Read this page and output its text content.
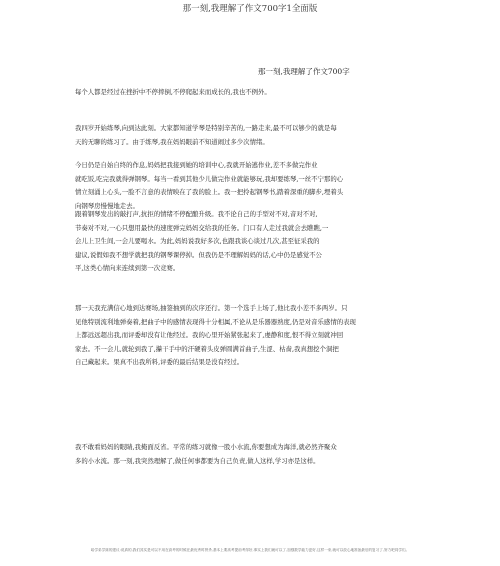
那一刻,我理解了作文700字1全面版
那一刻,我理解了作文700字
每个人都是经过在挫折中不停摔倒,不停爬起来而成长的,我也不例外。
我四岁开始练琴,向到达此刻。大家都知道学琴是特别辛苦的,一路走来,最不可以够少的就是每
天的无聊的练习了。由于练琴,我在妈妈眼前不知道闹过多少次情绪。
今日仍是自始自终的作息,妈妈把我接到她的培训中心,我就开始逃作业,差不多做完作业
就吃饭,吃完我就得弹钢琴。每当一看到其他少儿做完作业就能够玩,我却要练琴,一丝不宁那的心
情立刻涌上心头,一脸不言意的表情映在了我的脸上。我一把拎起钢琴书,踏着深重的脚步,埋着头
向钢琴房慢慢地走去。
跟着钢琴发出的敲打声,抗拒的情绪不停配酿升级。我不论自己的手型对不对,音对不对,
节奏对不对,一心只想用最快的速度弹完妈妈交给我的任务。门口有人走过我就会去瞧瞧,一
会儿上卫生间,一会儿要喝水。为此,妈妈说我好多次,也跟我谈心谈过几次,甚至征采我的
建议,说假如我不想学就把我的钢琴课停掉。但我仍是不理解妈妈的话,心中仍是感觉不公
平,这类心情向来连续到第一次竞赛。
那一天我充满信心地到达赛场,抽签抽到的次序还行。第一个选手上场了,他比我小差不多两岁。只
见他特别流利地弹奏着,把曲子中的感情表现得十分相属,不论从是乐器器熟度,仍是对音乐感情的表现
上都远远超出我,而评委却没有让他经过。我的心里开始紧张起来了,虔静和度,恨不得立刻就冲回
家去。不一会儿,就轮到我了,攥干手中的汗硬着头皮弹圆满首曲子,生涩、枯啬,我真想挖个洞把
自己藏起来。果真不出我所料,评委的最后结果是没有经过。
我不敢看妈妈的眼睛,我掩面反省。平常的练习就像一股小水流,你要想成为海洋,就必然齐聚众
多的小水流。那一刻,我突然理解了,做任何事都要为自己负责,做人这样,学习亦是这样。
给学弟学妹的建议:说真的,我们其实是可以不用在高考的时候在最优秀时拼杀,基本上要高考提前考得好,事实上我们就可以了,加强数学能力更好,这样一来,就可以放心地准备最后的复习了,努力吧同学们。
